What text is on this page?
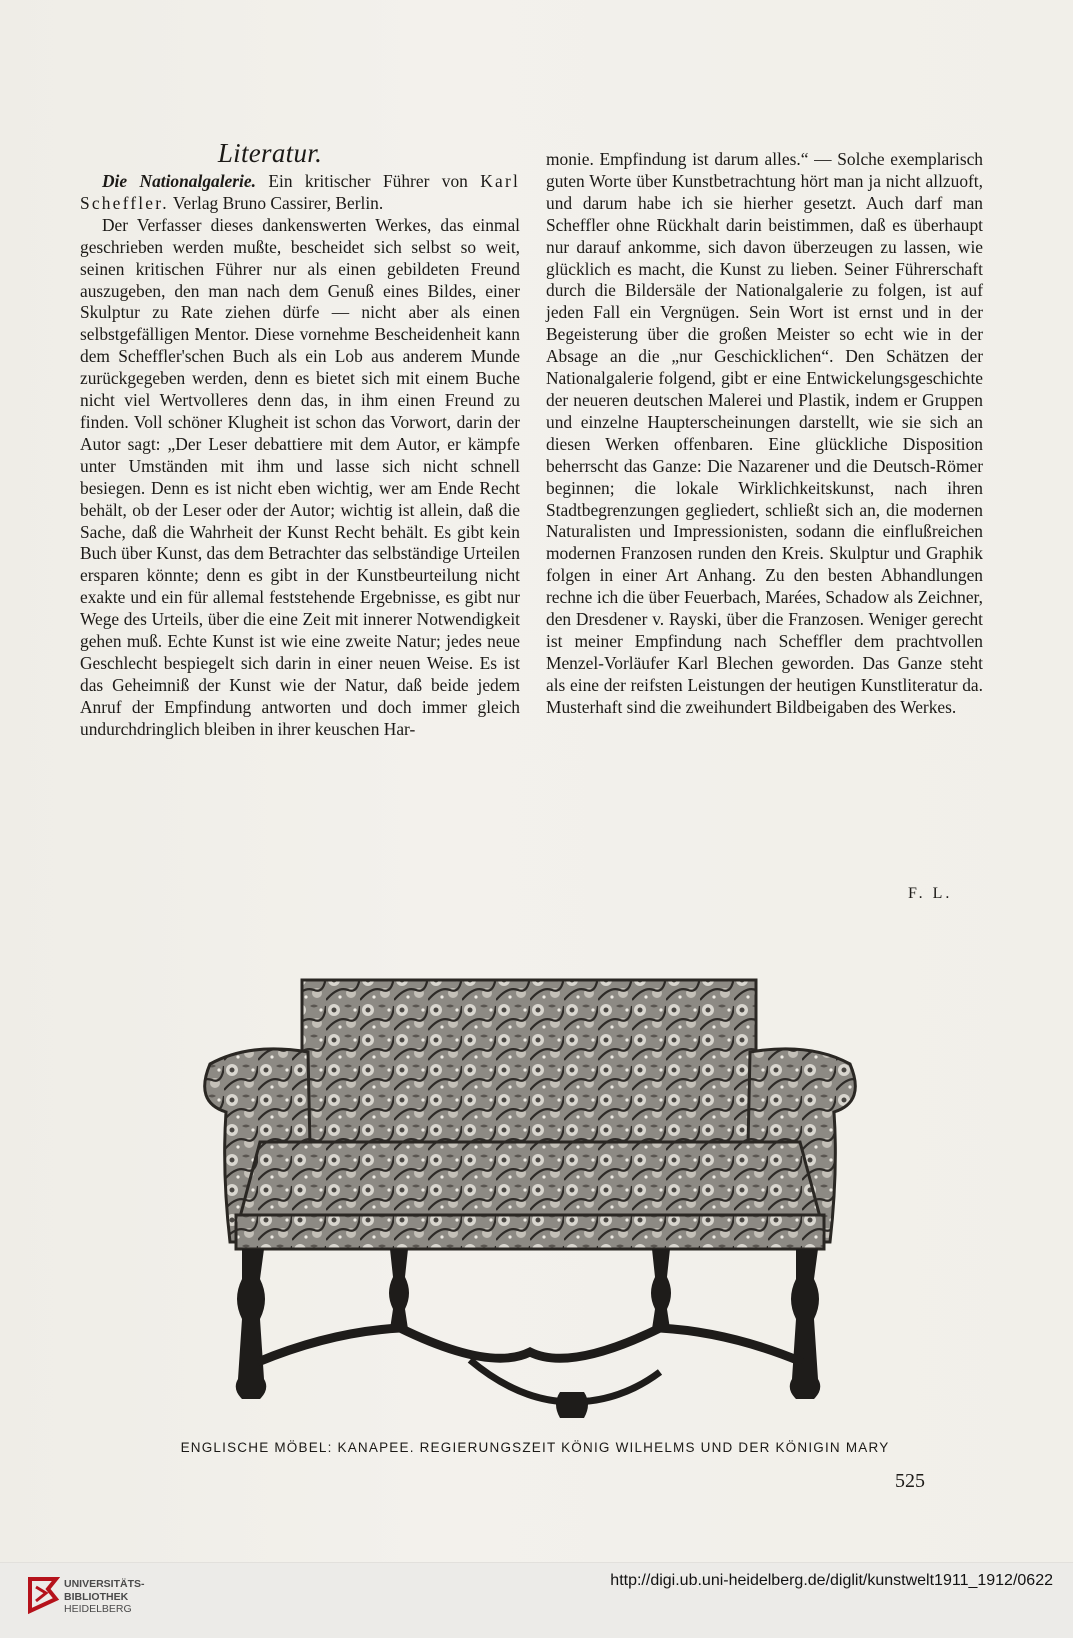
Literatur.

Die Nationalgalerie. Ein kritischer Führer von Karl Scheffler. Verlag Bruno Cassirer, Berlin.

Der Verfasser dieses dankenswerten Werkes, das einmal geschrieben werden mußte, bescheidet sich selbst so weit, seinen kritischen Führer nur als einen gebildeten Freund auszugeben, den man nach dem Genuß eines Bildes, einer Skulptur zu Rate ziehen dürfe — nicht aber als einen selbstgefälligen Mentor. Diese vornehme Bescheidenheit kann dem Scheffler'schen Buch als ein Lob aus anderem Munde zurückgegeben werden, denn es bietet sich mit einem Buche nicht viel Wertvolleres denn das, in ihm einen Freund zu finden. Voll schöner Klugheit ist schon das Vorwort, darin der Autor sagt: „Der Leser debattiere mit dem Autor, er kämpfe unter Umständen mit ihm und lasse sich nicht schnell besiegen. Denn es ist nicht eben wichtig, wer am Ende Recht behält, ob der Leser oder der Autor; wichtig ist allein, daß die Sache, daß die Wahrheit der Kunst Recht behält. Es gibt kein Buch über Kunst, das dem Betrachter das selbständige Urteilen ersparen könnte; denn es gibt in der Kunstbeurteilung nicht exakte und ein für allemal feststehende Ergebnisse, es gibt nur Wege des Urteils, über die eine Zeit mit innerer Notwendigkeit gehen muß. Echte Kunst ist wie eine zweite Natur; jedes neue Geschlecht bespiegelt sich darin in einer neuen Weise. Es ist das Geheimniß der Kunst wie der Natur, daß beide jedem Anruf der Empfindung antworten und doch immer gleich undurchdringlich bleiben in ihrer keuschen Har-

monie. Empfindung ist darum alles.“ — Solche exemplarisch guten Worte über Kunstbetrachtung hört man ja nicht allzuoft, und darum habe ich sie hierher gesetzt. Auch darf man Scheffler ohne Rückhalt darin beistimmen, daß es überhaupt nur darauf ankomme, sich davon überzeugen zu lassen, wie glücklich es macht, die Kunst zu lieben. Seiner Führerschaft durch die Bildersäle der Nationalgalerie zu folgen, ist auf jeden Fall ein Vergnügen. Sein Wort ist ernst und in der Begeisterung über die großen Meister so echt wie in der Absage an die „nur Geschicklichen“. Den Schätzen der Nationalgalerie folgend, gibt er eine Entwickelungsgeschichte der neueren deutschen Malerei und Plastik, indem er Gruppen und einzelne Haupterscheinungen darstellt, wie sie sich an diesen Werken offenbaren. Eine glückliche Disposition beherrscht das Ganze: Die Nazarener und die Deutsch-Römer beginnen; die lokale Wirklichkeitskunst, nach ihren Stadtbegrenzungen gegliedert, schließt sich an, die modernen Naturalisten und Impressionisten, sodann die einflußreichen modernen Franzosen runden den Kreis. Skulptur und Graphik folgen in einer Art Anhang. Zu den besten Abhandlungen rechne ich die über Feuerbach, Marées, Schadow als Zeichner, den Dresdener v. Rayski, über die Franzosen. Weniger gerecht ist meiner Empfindung nach Scheffler dem prachtvollen Menzel-Vorläufer Karl Blechen geworden. Das Ganze steht als eine der reifsten Leistungen der heutigen Kunstliteratur da. Musterhaft sind die zweihundert Bildbeigaben des Werkes.

F. L.
ENGLISCHE MÖBEL: KANAPEE. REGIERUNGSZEIT KÖNIG WILHELMS UND DER KÖNIGIN MARY
525
UNIVERSITÄTS-
BIBLIOTHEK
HEIDELBERG
http://digi.ub.uni-heidelberg.de/diglit/kunstwelt1911_1912/0622
